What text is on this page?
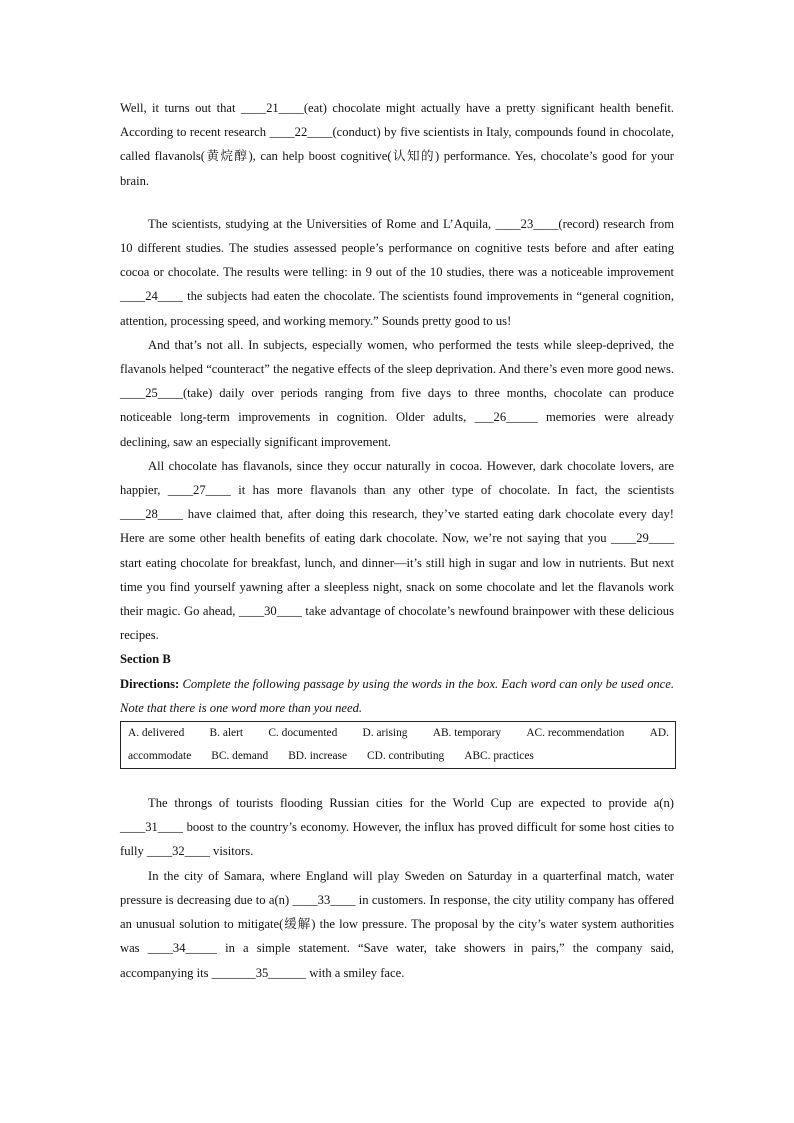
Well, it turns out that ____21____(eat) chocolate might actually have a pretty significant health benefit. According to recent research ____22____(conduct) by five scientists in Italy, compounds found in chocolate, called flavanols(黄烷醇), can help boost cognitive(认知的) performance. Yes, chocolate’s good for your brain.

The scientists, studying at the Universities of Rome and L’Aquila, ____23____(record) research from 10 different studies. The studies assessed people’s performance on cognitive tests before and after eating cocoa or chocolate. The results were telling: in 9 out of the 10 studies, there was a noticeable improvement ____24____ the subjects had eaten the chocolate. The scientists found improvements in “general cognition, attention, processing speed, and working memory.” Sounds pretty good to us!

And that’s not all. In subjects, especially women, who performed the tests while sleep-deprived, the flavanols helped “counteract” the negative effects of the sleep deprivation. And there’s even more good news. ____25____(take) daily over periods ranging from five days to three months, chocolate can produce noticeable long-term improvements in cognition. Older adults, ___26_____ memories were already declining, saw an especially significant improvement.

All chocolate has flavanols, since they occur naturally in cocoa. However, dark chocolate lovers, are happier, ____27____ it has more flavanols than any other type of chocolate. In fact, the scientists ____28____ have claimed that, after doing this research, they’ve started eating dark chocolate every day! Here are some other health benefits of eating dark chocolate. Now, we’re not saying that you ____29____ start eating chocolate for breakfast, lunch, and dinner—it’s still high in sugar and low in nutrients. But next time you find yourself yawning after a sleepless night, snack on some chocolate and let the flavanols work their magic. Go ahead, ____30____ take advantage of chocolate’s newfound brainpower with these delicious recipes.

Section B

Directions: Complete the following passage by using the words in the box. Each word can only be used once. Note that there is one word more than you need.

A. delivered B. alert C. documented D. arising AB. temporary AC. recommendation AD.
accommodate BC. demand BD. increase CD. contributing ABC. practices

The throngs of tourists flooding Russian cities for the World Cup are expected to provide a(n) ____31____ boost to the country’s economy. However, the influx has proved difficult for some host cities to fully ____32____ visitors.

In the city of Samara, where England will play Sweden on Saturday in a quarterfinal match, water pressure is decreasing due to a(n) ____33____ in customers. In response, the city utility company has offered an unusual solution to mitigate(缓解) the low pressure. The proposal by the city’s water system authorities was ____34_____ in a simple statement. “Save water, take showers in pairs,” the company said, accompanying its _______35______ with a smiley face.
